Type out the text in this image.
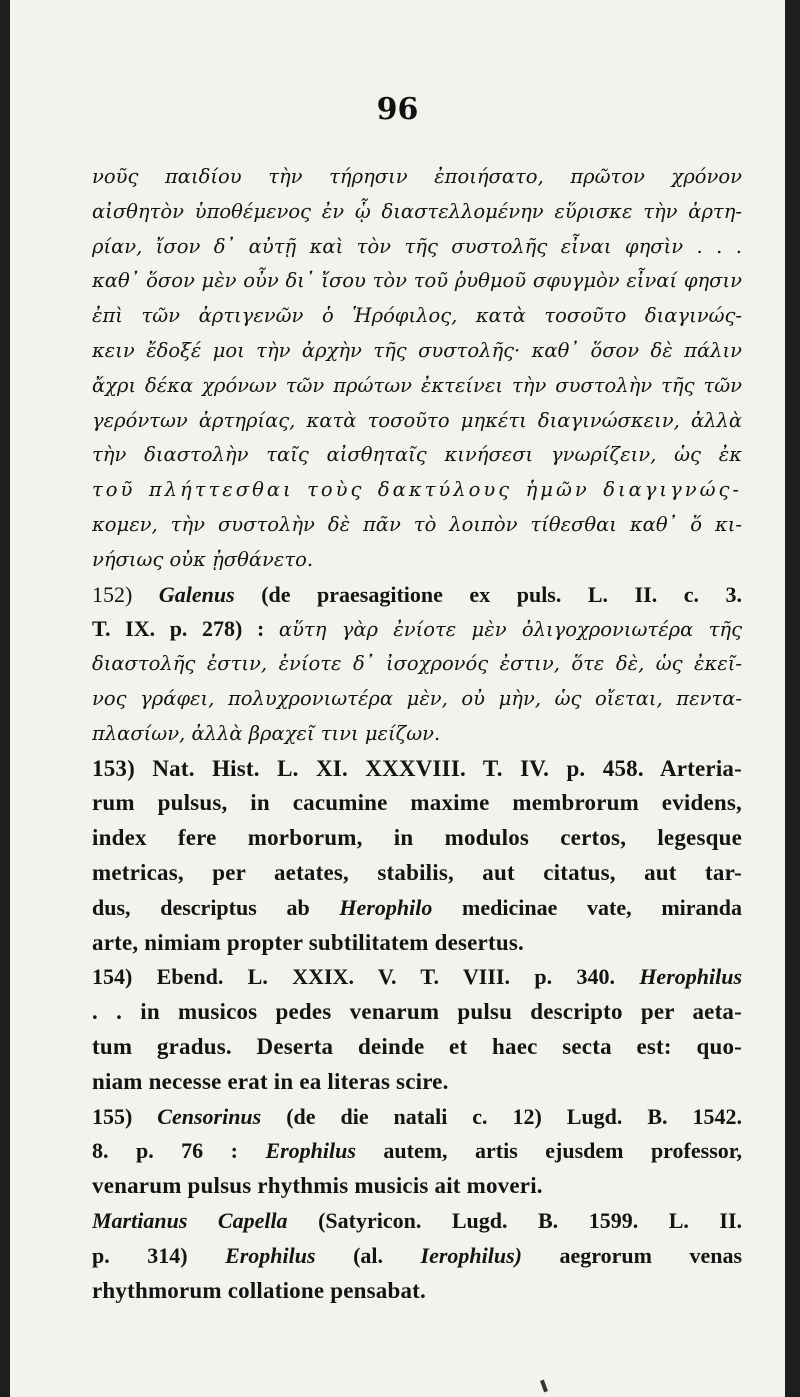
96
νοῦς παιδίου τὴν τήρησιν ἐποιήσατο, πρῶτον χρόνον
αἰσθητὸν ὑποθέμενος ἐν ᾧ διαστελλομένην εὕρισκε τὴν ἀρτη-
ρίαν, ἴσον δ᾿ αὐτῇ καὶ τὸν τῆς συστολῆς εἶναι φησὶν . . .
καθ᾿ ὅσον μὲν οὖν δι᾿ ἴσου τὸν τοῦ ῥυθμοῦ σφυγμὸν εἶναί φησιν
ἐπὶ τῶν ἀρτιγενῶν ὁ Ἡρόφιλος, κατὰ τοσοῦτο διαγινώς-
κειν ἔδοξέ μοι τὴν ἀρχὴν τῆς συστολῆς· καθ᾿ ὅσον δὲ πάλιν
ἄχρι δέκα χρόνων τῶν πρώτων ἐκτείνει τὴν συστολὴν τῆς τῶν
γερόντων ἀρτηρίας, κατὰ τοσοῦτο μηκέτι διαγινώσκειν, ἀλλὰ
τὴν διαστολὴν ταῖς αἰσθηταῖς κινήσεσι γνωρίζειν, ὡς ἐκ
τοῦ πλήττεσθαι τοὺς δακτύλους ἡμῶν διαγιγνώς-
κομεν, τὴν συστολὴν δὲ πᾶν τὸ λοιπὸν τίθεσθαι καθ᾿ ὅ κι-
νήσιως οὐκ ᾐσθάνετο.
152) Galenus (de praesagitione ex puls. L. II. c. 3.
T. IX. p. 278) : αὕτη γὰρ ἐνίοτε μὲν ὀλιγοχρονιωτέρα τῆς
διαστολῆς ἐστιν, ἐνίοτε δ᾿ ἰσοχρονός ἐστιν, ὅτε δὲ, ὡς ἐκεῖ-
νος γράφει, πολυχρονιωτέρα μὲν, οὐ μὴν, ὡς οἴεται, πεντα-
πλασίων, ἀλλὰ βραχεῖ τινι μείζων.
153) Nat. Hist. L. XI. XXXVIII. T. IV. p. 458. Arteria-
rum pulsus, in cacumine maxime membrorum evidens,
index fere morborum, in modulos certos, legesque
metricas, per aetates, stabilis, aut citatus, aut tar-
dus, descriptus ab Herophilo medicinae vate, miranda
arte, nimiam propter subtilitatem desertus.
154) Ebend. L. XXIX. V. T. VIII. p. 340. Herophilus
. . in musicos pedes venarum pulsu descripto per aeta-
tum gradus. Deserta deinde et haec secta est: quo-
niam necesse erat in ea literas scire.
155) Censorinus (de die natali c. 12) Lugd. B. 1542.
8. p. 76 : Erophilus autem, artis ejusdem professor,
venarum pulsus rhythmis musicis ait moveri.
Martianus Capella (Satyricon. Lugd. B. 1599. L. II.
p. 314) Erophilus (al. Ierophilus) aegrorum venas
rhythmorum collatione pensabat.
